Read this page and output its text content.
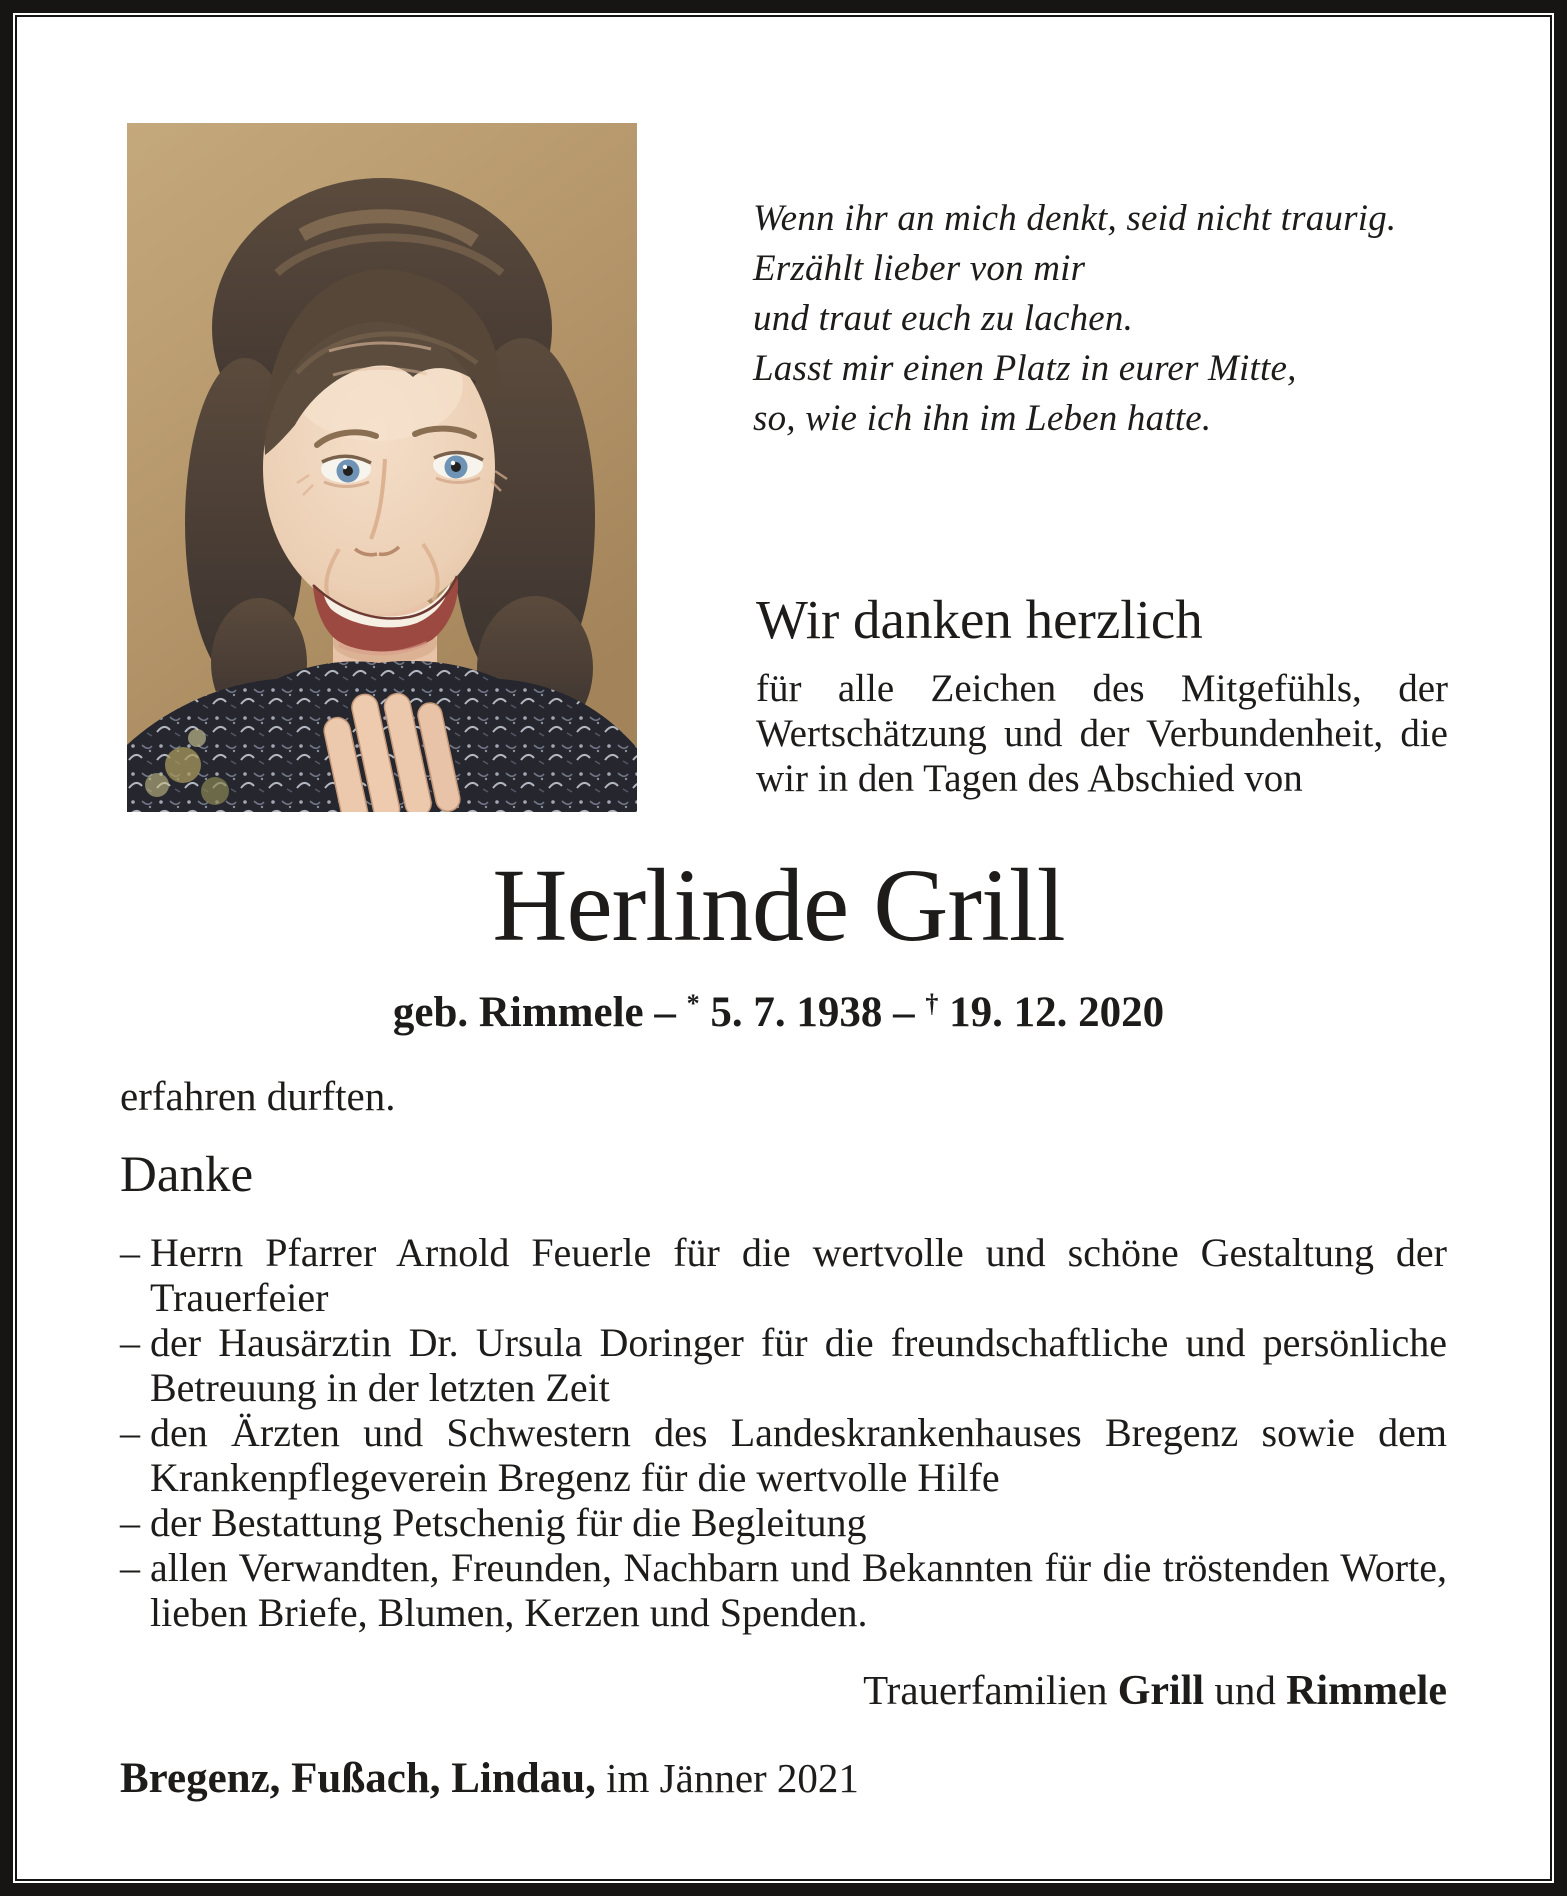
Wenn ihr an mich denkt, seid nicht traurig.
Erzählt lieber von mir
und traut euch zu lachen.
Lasst mir einen Platz in eurer Mitte,
so, wie ich ihn im Leben hatte.
Wir danken herzlich
für alle Zeichen des Mitgefühls, der Wertschätzung und der Verbundenheit, die wir in den Tagen des Abschied von
Herlinde Grill
geb. Rimmele – * 5. 7. 1938 – † 19. 12. 2020
erfahren durften.
Danke
– Herrn Pfarrer Arnold Feuerle für die wertvolle und schöne Gestaltung der Trauerfeier
– der Hausärztin Dr. Ursula Doringer für die freundschaftliche und persönliche Betreuung in der letzten Zeit
– den Ärzten und Schwestern des Landeskrankenhauses Bregenz sowie dem Krankenpflegeverein Bregenz für die wertvolle Hilfe
– der Bestattung Petschenig für die Begleitung
– allen Verwandten, Freunden, Nachbarn und Bekannten für die tröstenden Worte, lieben Briefe, Blumen, Kerzen und Spenden.
Trauerfamilien Grill und Rimmele
Bregenz, Fußach, Lindau, im Jänner 2021
